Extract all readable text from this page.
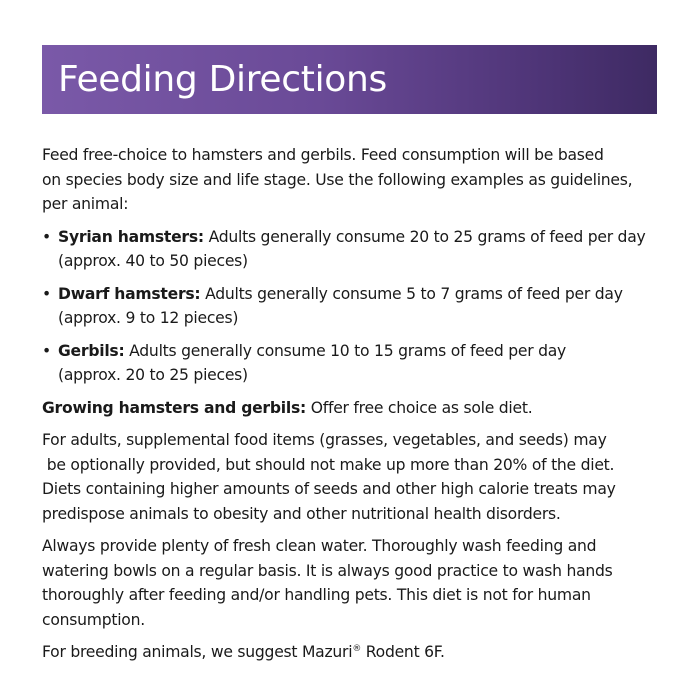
Feeding Directions

Feed free-choice to hamsters and gerbils. Feed consumption will be based
on species body size and life stage. Use the following examples as guidelines,
per animal:

• Syrian hamsters: Adults generally consume 20 to 25 grams of feed per day
(approx. 40 to 50 pieces)
• Dwarf hamsters: Adults generally consume 5 to 7 grams of feed per day
(approx. 9 to 12 pieces)
• Gerbils: Adults generally consume 10 to 15 grams of feed per day
(approx. 20 to 25 pieces)

Growing hamsters and gerbils: Offer free choice as sole diet.

For adults, supplemental food items (grasses, vegetables, and seeds) may
be optionally provided, but should not make up more than 20% of the diet.
Diets containing higher amounts of seeds and other high calorie treats may
predispose animals to obesity and other nutritional health disorders.

Always provide plenty of fresh clean water. Thoroughly wash feeding and
watering bowls on a regular basis. It is always good practice to wash hands
thoroughly after feeding and/or handling pets. This diet is not for human
consumption.

For breeding animals, we suggest Mazuri® Rodent 6F.
